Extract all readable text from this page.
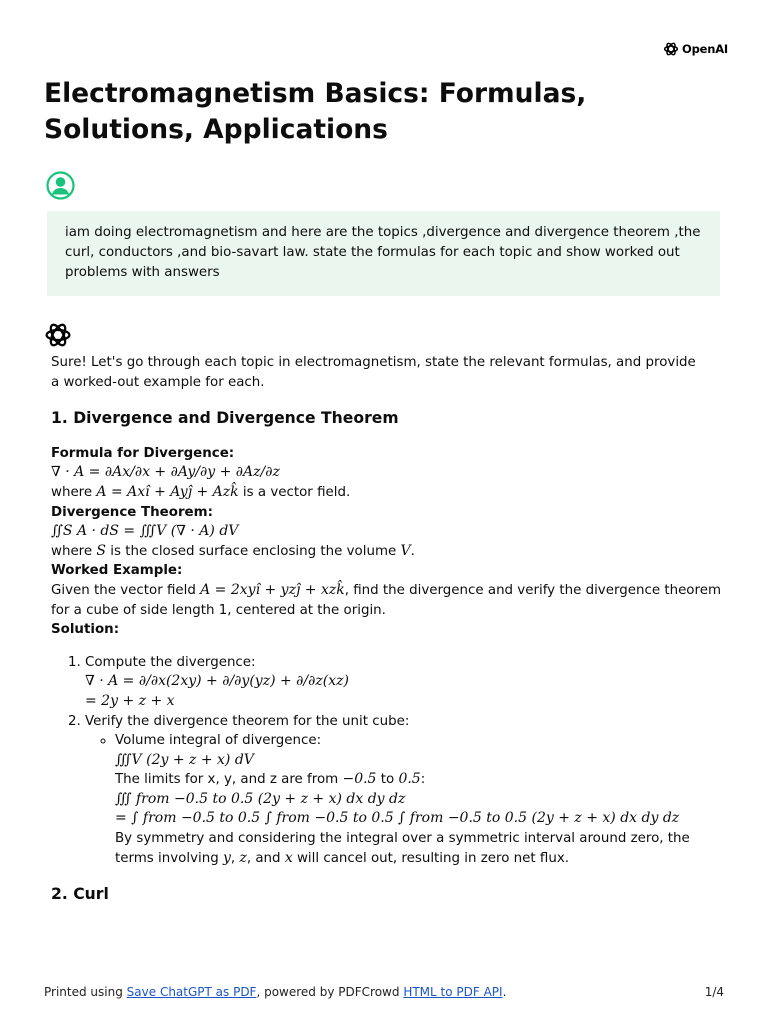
OpenAI
Electromagnetism Basics: Formulas, Solutions, Applications
iam doing electromagnetism and here are the topics ,divergence and divergence theorem ,the curl, conductors ,and bio-savart law. state the formulas for each topic and show worked out problems with answers

Sure! Let's go through each topic in electromagnetism, state the relevant formulas, and provide a worked-out example for each.

1. Divergence and Divergence Theorem
Formula for Divergence:
∇ · A = ∂Ax/∂x + ∂Ay/∂y + ∂Az/∂z
where A = Axî + Ayĵ + Azk̂ is a vector field.
Divergence Theorem:
∬S A · dS = ∭V (∇ · A) dV
where S is the closed surface enclosing the volume V.
Worked Example:
Given the vector field A = 2xyî + yzĵ + xzk̂, find the divergence and verify the divergence theorem for a cube of side length 1, centered at the origin.
Solution:
1. Compute the divergence:
∇ · A = ∂/∂x(2xy) + ∂/∂y(yz) + ∂/∂z(xz)
= 2y + z + x
2. Verify the divergence theorem for the unit cube:
◦ Volume integral of divergence:
∭V (2y + z + x) dV
The limits for x, y, and z are from −0.5 to 0.5:
∭ from −0.5 to 0.5 (2y + z + x) dx dy dz
= ∫ from −0.5 to 0.5 ∫ from −0.5 to 0.5 ∫ from −0.5 to 0.5 (2y + z + x) dx dy dz
By symmetry and considering the integral over a symmetric interval around zero, the terms involving y, z, and x will cancel out, resulting in zero net flux.
2. Curl
Printed using Save ChatGPT as PDF, powered by PDFCrowd HTML to PDF API.	1/4
